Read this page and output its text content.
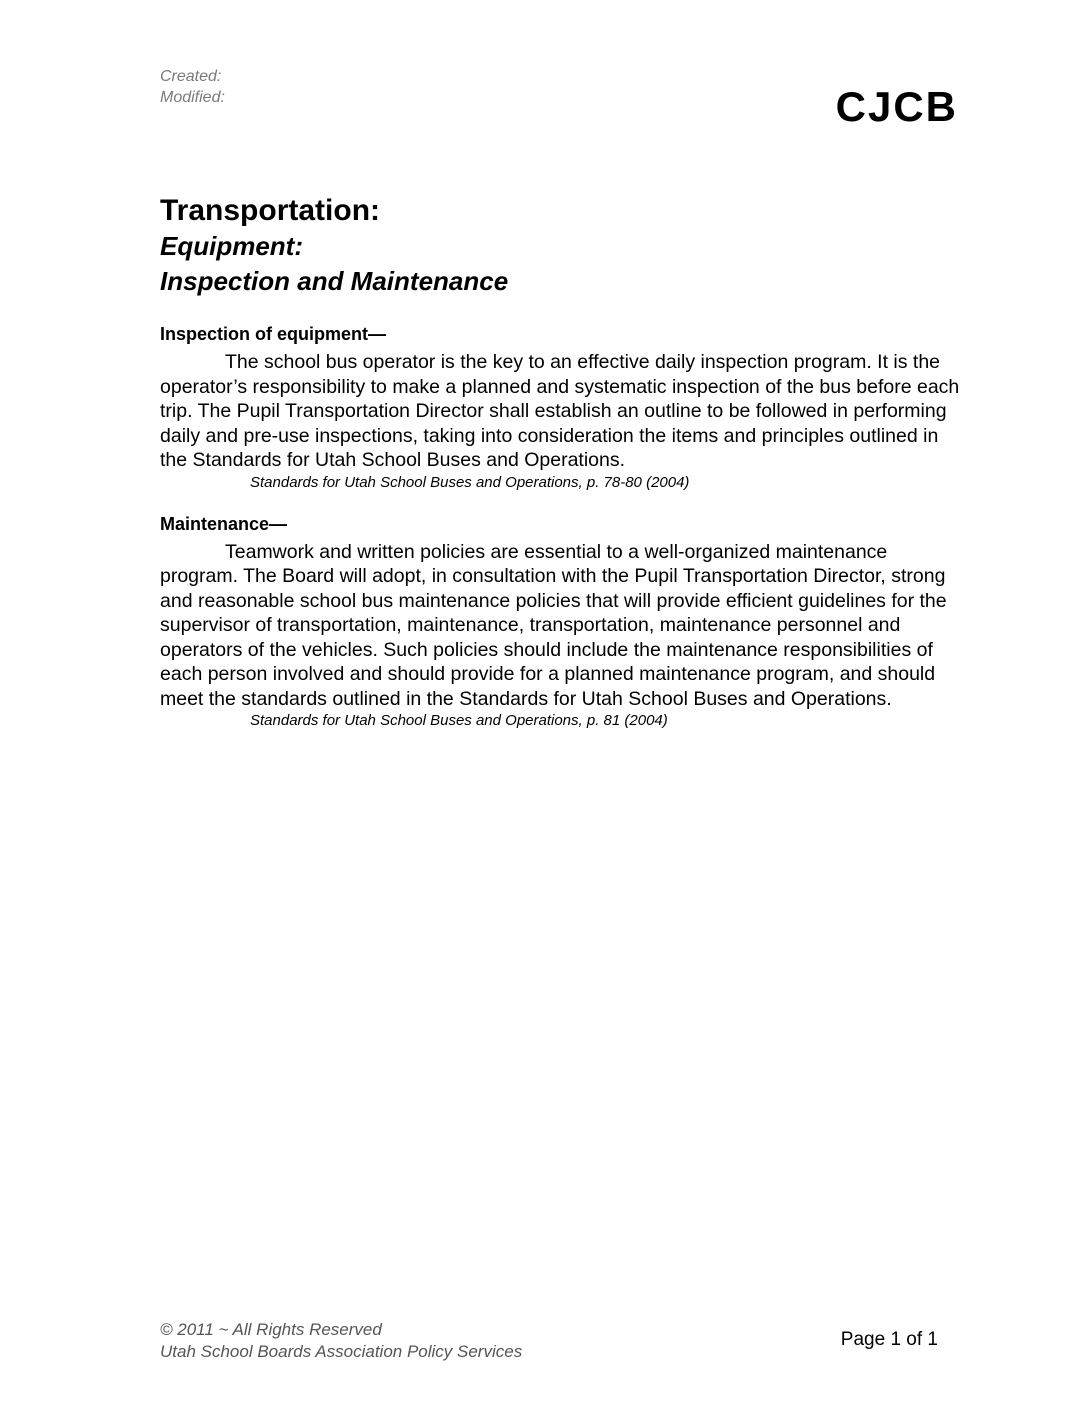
Created:
Modified:	CJCB
Transportation:
Equipment:
Inspection and Maintenance
Inspection of equipment—

The school bus operator is the key to an effective daily inspection program. It is the operator’s responsibility to make a planned and systematic inspection of the bus before each trip. The Pupil Transportation Director shall establish an outline to be followed in performing daily and pre-use inspections, taking into consideration the items and principles outlined in the Standards for Utah School Buses and Operations.

Standards for Utah School Buses and Operations, p. 78-80 (2004)

Maintenance—

Teamwork and written policies are essential to a well-organized maintenance program. The Board will adopt, in consultation with the Pupil Transportation Director, strong and reasonable school bus maintenance policies that will provide efficient guidelines for the supervisor of transportation, maintenance, transportation, maintenance personnel and operators of the vehicles. Such policies should include the maintenance responsibilities of each person involved and should provide for a planned maintenance program, and should meet the standards outlined in the Standards for Utah School Buses and Operations.

Standards for Utah School Buses and Operations, p. 81 (2004)

© 2011 ~ All Rights Reserved
Utah School Boards Association Policy Services
Page 1 of 1
